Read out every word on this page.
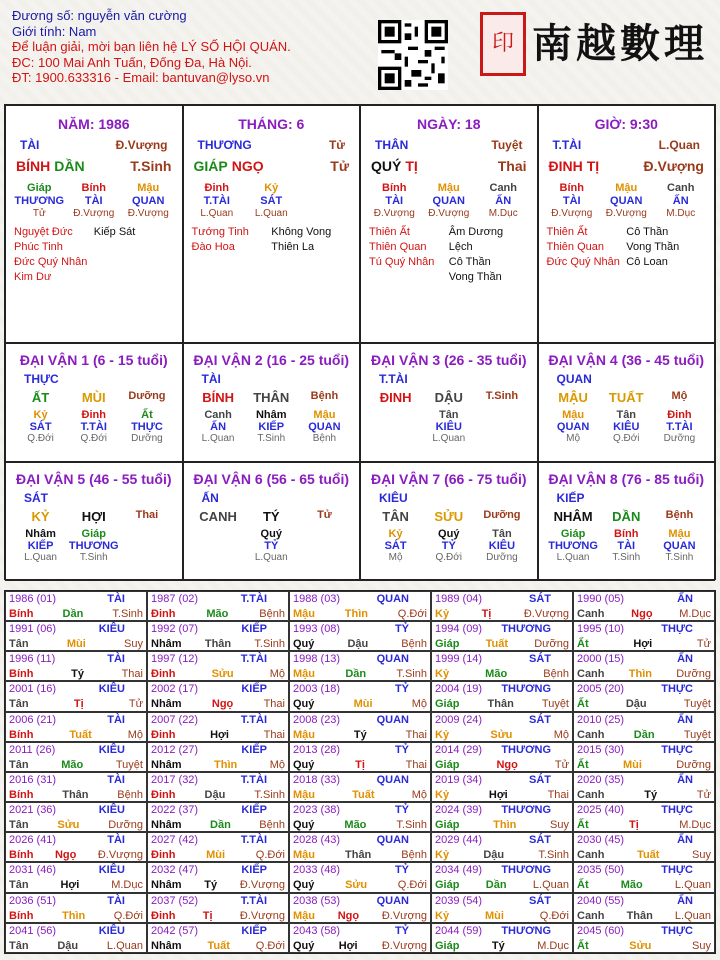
Đương số: nguyễn văn cường
Giới tính: Nam
Để luận giải, mời bạn liên hệ LÝ SỐ HỘI QUÁN.
ĐC: 100 Mai Anh Tuấn, Đống Đa, Hà Nội.
ĐT: 1900.633316 - Email: bantuvan@lyso.vn
印 南越數理
NĂM: 1986
TÀI	Đ.Vượng
BÍNH DẦN	T.Sinh
Giáp	Bính	Mậu
THƯƠNG	TÀI	QUAN
Tử	Đ.Vượng	Đ.Vượng
Nguyệt Đức
Phúc Tinh
Đức Quý Nhân
Kim Dư
Kiếp Sát
THÁNG: 6
THƯƠNG	Tử
GIÁP NGỌ	Tử
Đinh	Kỷ
T.TÀI	SÁT
L.Quan	L.Quan
Tướng Tinh
Đào Hoa
Không Vong
Thiên La
NGÀY: 18
THÂN	Tuyệt
QUÝ TỊ	Thai
Bính	Mậu	Canh
TÀI	QUAN	ẤN
Đ.Vượng	Đ.Vượng	M.Dục
Thiên Ất
Thiên Quan
Tú Quý Nhân
Âm Dương Lệch
Cô Thần
Vong Thần
GIỜ: 9:30
T.TÀI	L.Quan
ĐINH TỊ	Đ.Vượng
Bính	Mậu	Canh
TÀI	QUAN	ẤN
Đ.Vượng	Đ.Vượng	M.Dục
Thiên Ất
Thiên Quan
Đức Quý Nhân
Cô Thần
Vong Thần
Cô Loan
ĐẠI VẬN 1 (6 - 15 tuổi)
THỰC
ẤT	MÙI	Dưỡng
Kỷ	Đinh	Ất
SÁT	T.TÀI	THỰC
Q.Đới	Q.Đới	Dưỡng
ĐẠI VẬN 2 (16 - 25 tuổi)
TÀI
BÍNH	THÂN	Bệnh
Canh	Nhâm	Mậu
ẤN	KIẾP	QUAN
L.Quan	T.Sinh	Bệnh
ĐẠI VẬN 3 (26 - 35 tuổi)
T.TÀI
ĐINH	DẬU	T.Sinh
Tân
KIÊU
L.Quan
ĐẠI VẬN 4 (36 - 45 tuổi)
QUAN
MẬU	TUẤT	Mộ
Mậu	Tân	Đinh
QUAN	KIÊU	T.TÀI
Mộ	Q.Đới	Dưỡng
ĐẠI VẬN 5 (46 - 55 tuổi)
SÁT
KỶ	HỢI	Thai
Nhâm	Giáp
KIẾP	THƯƠNG
L.Quan	T.Sinh
ĐẠI VẬN 6 (56 - 65 tuổi)
ẤN
CANH	TÝ	Tử
Quý
TỶ
L.Quan
ĐẠI VẬN 7 (66 - 75 tuổi)
KIÊU
TÂN	SỬU	Dưỡng
Kỷ	Quý	Tân
SÁT	TỶ	KIÊU
Mộ	Q.Đới	Dưỡng
ĐẠI VẬN 8 (76 - 85 tuổi)
KIẾP
NHÂM	DẦN	Bệnh
Giáp	Bính	Mậu
THƯƠNG	TÀI	QUAN
L.Quan	T.Sinh	T.Sinh
1986 (01)	TÀI
Bính	Dần	T.Sinh
1987 (02)	T.TÀI
Đinh	Mão	Bệnh
1988 (03)	QUAN
Mậu	Thìn	Q.Đới
1989 (04)	SÁT
Kỷ	Tị	Đ.Vượng
1990 (05)	ẤN
Canh Ngọ M.Dục
1991 (06)	KIÊU
Tân	Mùi	Suy
1992 (07)	KIẾP
Nhâm Thân T.Sinh
1993 (08)	TỶ
Quý	Dậu	Bệnh
1994 (09) THƯƠNG
Giáp Tuất Dưỡng
1995 (10)	THỰC
Ất	Hợi	Tử
1996 (11)	TÀI
Bính	Tý	Thai
1997 (12)	T.TÀI
Đinh	Sửu	Mộ
1998 (13)	QUAN
Mậu	Dần	T.Sinh
1999 (14)	SÁT
Kỷ	Mão	Bệnh
2000 (15)	ẤN
Canh Thìn Dưỡng
2001 (16)	KIÊU
Tân	Tị	Tử
2002 (17)	KIẾP
Nhâm	Ngọ	Thai
2003 (18)	TỶ
Quý	Mùi	Mộ
2004 (19) THƯƠNG
Giáp	Thân	Tuyệt
2005 (20)	THỰC
Ất	Dậu	Tuyệt
2006 (21)	TÀI
Bính	Tuất	Mộ
2007 (22)	T.TÀI
Đinh	Hợi	Thai
2008 (23)	QUAN
Mậu	Tý	Thai
2009 (24)	SÁT
Kỷ	Sửu	Mộ
2010 (25)	ẤN
Canh	Dần	Tuyệt
2011 (26)	KIÊU
Tân	Mão	Tuyệt
2012 (27)	KIẾP
Nhâm	Thìn	Mộ
2013 (28)	TỶ
Quý	Tị	Thai
2014 (29) THƯƠNG
Giáp	Ngọ	Tử
2015 (30)	THỰC
Ất	Mùi	Dưỡng
2016 (31)	TÀI
Bính	Thân	Bệnh
2017 (32)	T.TÀI
Đinh	Dậu	T.Sinh
2018 (33)	QUAN
Mậu	Tuất	Mộ
2019 (34)	SÁT
Kỷ	Hợi	Thai
2020 (35)	ẤN
Canh	Tý	Tử
2021 (36)	KIÊU
Tân	Sửu	Dưỡng
2022 (37)	KIẾP
Nhâm	Dần	Bệnh
2023 (38)	TỶ
Quý	Mão	T.Sinh
2024 (39) THƯƠNG
Giáp	Thìn	Suy
2025 (40)	THỰC
Ất	Tị	M.Dục
2026 (41)	TÀI
Bính Ngọ Đ.Vượng
2027 (42)	T.TÀI
Đinh	Mùi	Q.Đới
2028 (43)	QUAN
Mậu	Thân	Bệnh
2029 (44)	SÁT
Kỷ	Dậu	T.Sinh
2030 (45)	ẤN
Canh	Tuất	Suy
2031 (46)	KIÊU
Tân	Hợi	M.Dục
2032 (47)	KIẾP
Nhâm Tý Đ.Vượng
2033 (48)	TỶ
Quý	Sửu	Q.Đới
2034 (49) THƯƠNG
Giáp Dần L.Quan
2035 (50)	THỰC
Ất	Mão	L.Quan
2036 (51)	TÀI
Bính	Thìn	Q.Đới
2037 (52)	T.TÀI
Đinh Tị Đ.Vượng
2038 (53)	QUAN
Mậu Ngọ Đ.Vượng
2039 (54)	SÁT
Kỷ	Mùi	Q.Đới
2040 (55)	ẤN
Canh Thân L.Quan
2041 (56)	KIÊU
Tân	Dậu	L.Quan
2042 (57)	KIẾP
Nhâm Tuất Q.Đới
2043 (58)	TỶ
Quý Hợi Đ.Vượng
2044 (59) THƯƠNG
Giáp	Tý	M.Dục
2045 (60)	THỰC
Ất	Sửu	Suy
